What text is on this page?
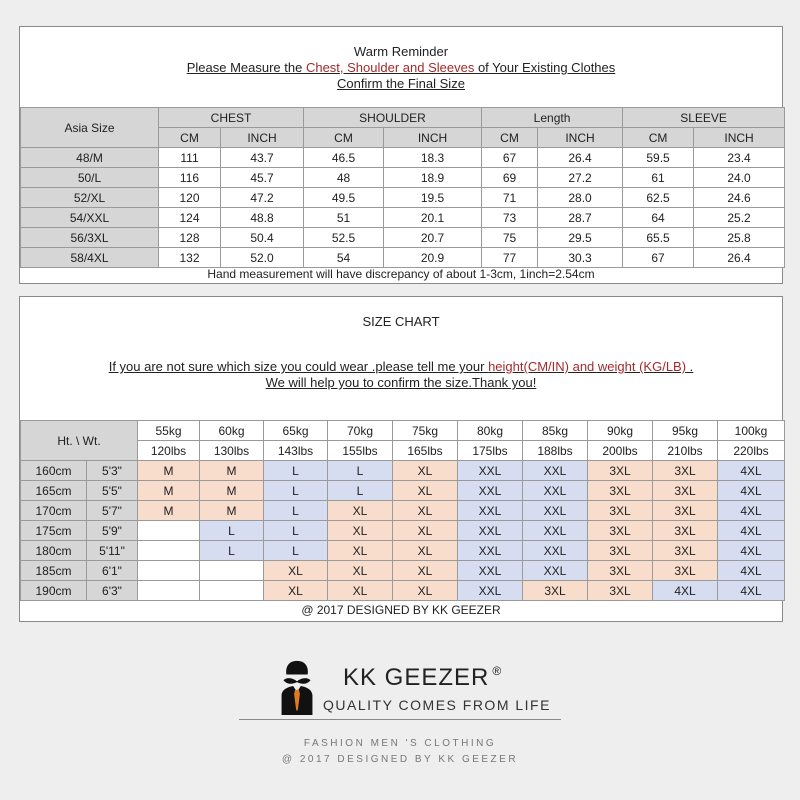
Warm Reminder
Please Measure the Chest, Shoulder and Sleeves of Your Existing Clothes
Confirm the Final Size
Asia Size	CHEST		SHOULDER		Length		SLEEVE	
	CM	INCH	CM	INCH	CM	INCH	CM	INCH
48/M	111	43.7	46.5	18.3	67	26.4	59.5	23.4
50/L	116	45.7	48	18.9	69	27.2	61	24.0
52/XL	120	47.2	49.5	19.5	71	28.0	62.5	24.6
54/XXL	124	48.8	51	20.1	73	28.7	64	25.2
56/3XL	128	50.4	52.5	20.7	75	29.5	65.5	25.8
58/4XL	132	52.0	54	20.9	77	30.3	67	26.4
Hand measurement will have discrepancy of about 1-3cm, 1inch=2.54cm
SIZE CHART
If you are not sure which size you could wear .please tell me your height(CM/IN) and weight (KG/LB) .
We will help you to confirm the size.Thank you!
Ht. \ Wt.		55kg	60kg	65kg	70kg	75kg	80kg	85kg	90kg	95kg	100kg
		120lbs	130lbs	143lbs	155lbs	165lbs	175lbs	188lbs	200lbs	210lbs	220lbs
160cm	5'3"	M	M	L	L	XL	XXL	XXL	3XL	3XL	4XL
165cm	5'5"	M	M	L	L	XL	XXL	XXL	3XL	3XL	4XL
170cm	5'7"	M	M	L	XL	XL	XXL	XXL	3XL	3XL	4XL
175cm	5'9"		L	L	XL	XL	XXL	XXL	3XL	3XL	4XL
180cm	5'11"		L	L	XL	XL	XXL	XXL	3XL	3XL	4XL
185cm	6'1"			XL	XL	XL	XXL	XXL	3XL	3XL	4XL
190cm	6'3"			XL	XL	XL	XXL	3XL	3XL	4XL	4XL
@ 2017 DESIGNED BY KK GEEZER
KK GEEZER ®
QUALITY COMES FROM LIFE
FASHION MEN 'S CLOTHING
@ 2017 DESIGNED BY KK GEEZER
